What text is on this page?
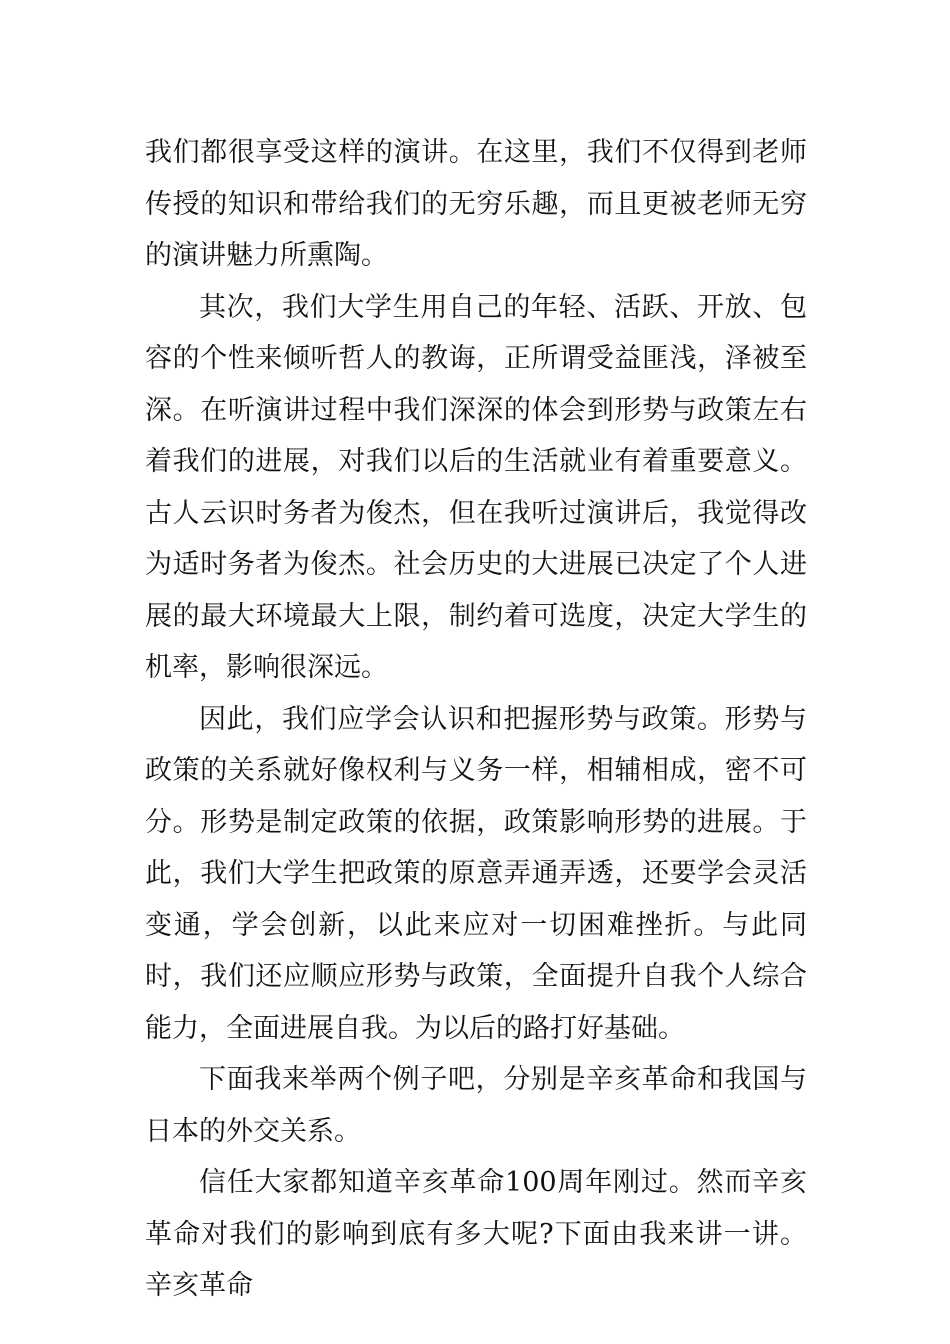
我们都很享受这样的演讲。在这里，我们不仅得到老师传授的知识和带给我们的无穷乐趣，而且更被老师无穷的演讲魅力所熏陶。

其次，我们大学生用自己的年轻、活跃、开放、包容的个性来倾听哲人的教诲，正所谓受益匪浅，泽被至深。在听演讲过程中我们深深的体会到形势与政策左右着我们的进展，对我们以后的生活就业有着重要意义。古人云识时务者为俊杰，但在我听过演讲后，我觉得改为适时务者为俊杰。社会历史的大进展已决定了个人进展的最大环境最大上限，制约着可选度，决定大学生的机率，影响很深远。

因此，我们应学会认识和把握形势与政策。形势与政策的关系就好像权利与义务一样，相辅相成，密不可分。形势是制定政策的依据，政策影响形势的进展。于此，我们大学生把政策的原意弄通弄透，还要学会灵活变通，学会创新，以此来应对一切困难挫折。与此同时，我们还应顺应形势与政策，全面提升自我个人综合能力，全面进展自我。为以后的路打好基础。

下面我来举两个例子吧，分别是辛亥革命和我国与日本的外交关系。

信任大家都知道辛亥革命100周年刚过。然而辛亥革命对我们的影响到底有多大呢?下面由我来讲一讲。辛亥革命
